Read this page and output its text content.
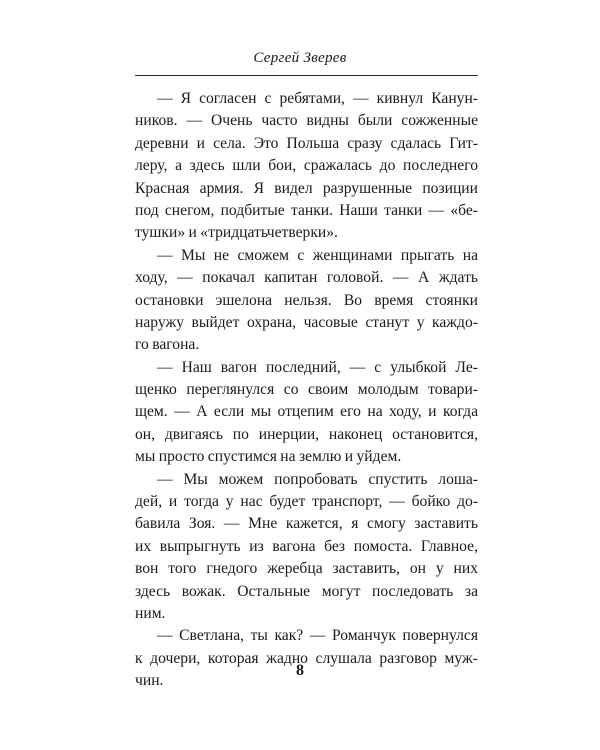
Сергей Зверев
— Я согласен с ребятами, — кивнул Канун-
ников. — Очень часто видны были сожженные
деревни и села. Это Польша сразу сдалась Гит-
леру, а здесь шли бои, сражалась до последнего
Красная армия. Я видел разрушенные позиции
под снегом, подбитые танки. Наши танки — «бе-
тушки» и «тридцатьчетверки».
— Мы не сможем с женщинами прыгать на
ходу, — покачал капитан головой. — А ждать
остановки эшелона нельзя. Во время стоянки
наружу выйдет охрана, часовые станут у каждо-
го вагона.
— Наш вагон последний, — с улыбкой Ле-
щенко переглянулся со своим молодым товари-
щем. — А если мы отцепим его на ходу, и когда
он, двигаясь по инерции, наконец остановится,
мы просто спустимся на землю и уйдем.
— Мы можем попробовать спустить лоша-
дей, и тогда у нас будет транспорт, — бойко до-
бавила Зоя. — Мне кажется, я смогу заставить
их выпрыгнуть из вагона без помоста. Главное,
вон того гнедого жеребца заставить, он у них
здесь вожак. Остальные могут последовать за
ним.
— Светлана, ты как? — Романчук повернулся
к дочери, которая жадно слушала разговор муж-
чин.
8
